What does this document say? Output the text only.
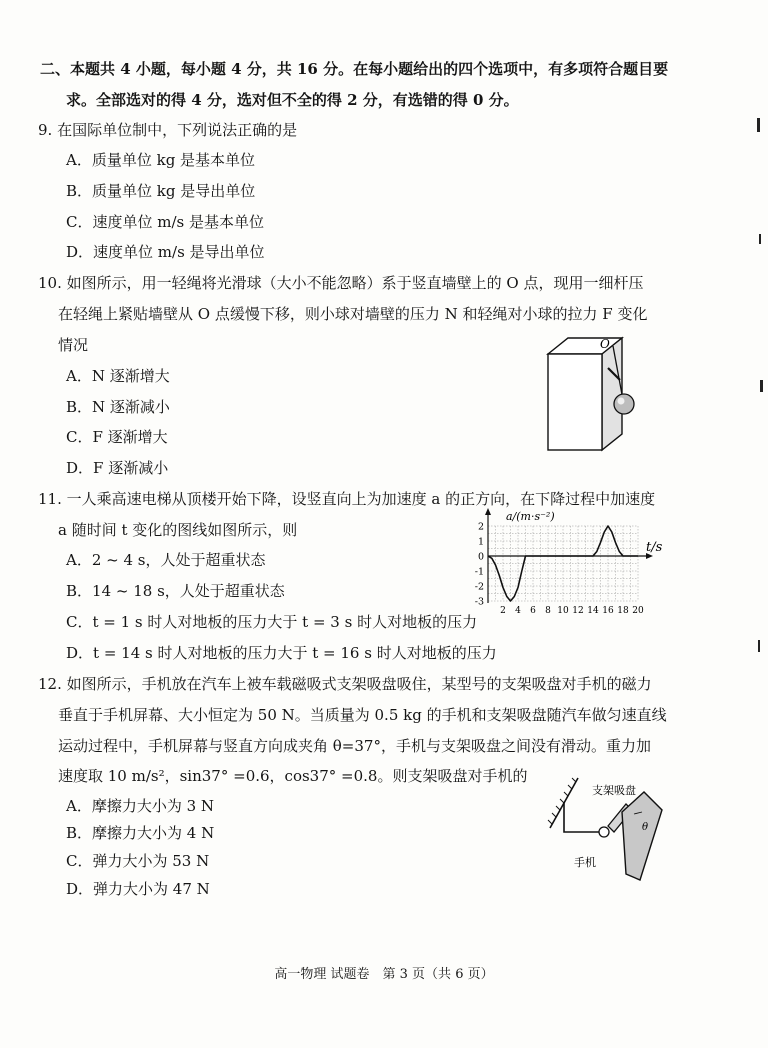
二、本题共 4 小题，每小题 4 分，共 16 分。在每小题给出的四个选项中，有多项符合题目要
求。全部选对的得 4 分，选对但不全的得 2 分，有选错的得 0 分。
9. 在国际单位制中，下列说法正确的是
A．质量单位 kg 是基本单位
B．质量单位 kg 是导出单位
C．速度单位 m/s 是基本单位
D．速度单位 m/s 是导出单位
10. 如图所示，用一轻绳将光滑球（大小不能忽略）系于竖直墙壁上的 O 点，现用一细杆压
在轻绳上紧贴墙壁从 O 点缓慢下移，则小球对墙壁的压力 N 和轻绳对小球的拉力 F 变化
情况
A．N 逐渐增大
B．N 逐渐减小
C．F 逐渐增大
D．F 逐渐减小
O
11. 一人乘高速电梯从顶楼开始下降，设竖直向上为加速度 a 的正方向，在下降过程中加速度
a 随时间 t 变化的图线如图所示，则
A．2 ~ 4 s，人处于超重状态
B．14 ~ 18 s，人处于超重状态
C．t = 1 s 时人对地板的压力大于 t = 3 s 时人对地板的压力
D．t = 14 s 时人对地板的压力大于 t = 16 s 时人对地板的压力
2
1
0
-1
-2
-3
2 4 6 8 10 12 14 16 18 20
a/(m·s⁻²)
t/s
12. 如图所示，手机放在汽车上被车载磁吸式支架吸盘吸住，某型号的支架吸盘对手机的磁力
垂直于手机屏幕、大小恒定为 50 N。当质量为 0.5 kg 的手机和支架吸盘随汽车做匀速直线
运动过程中，手机屏幕与竖直方向成夹角 θ=37°，手机与支架吸盘之间没有滑动。重力加
速度取 10 m/s²，sin37° =0.6，cos37° =0.8。则支架吸盘对手机的
A．摩擦力大小为 3 N
B．摩擦力大小为 4 N
C．弹力大小为 53 N
D．弹力大小为 47 N
支架吸盘
手机
θ
高一物理 试题卷　第 3 页（共 6 页）
